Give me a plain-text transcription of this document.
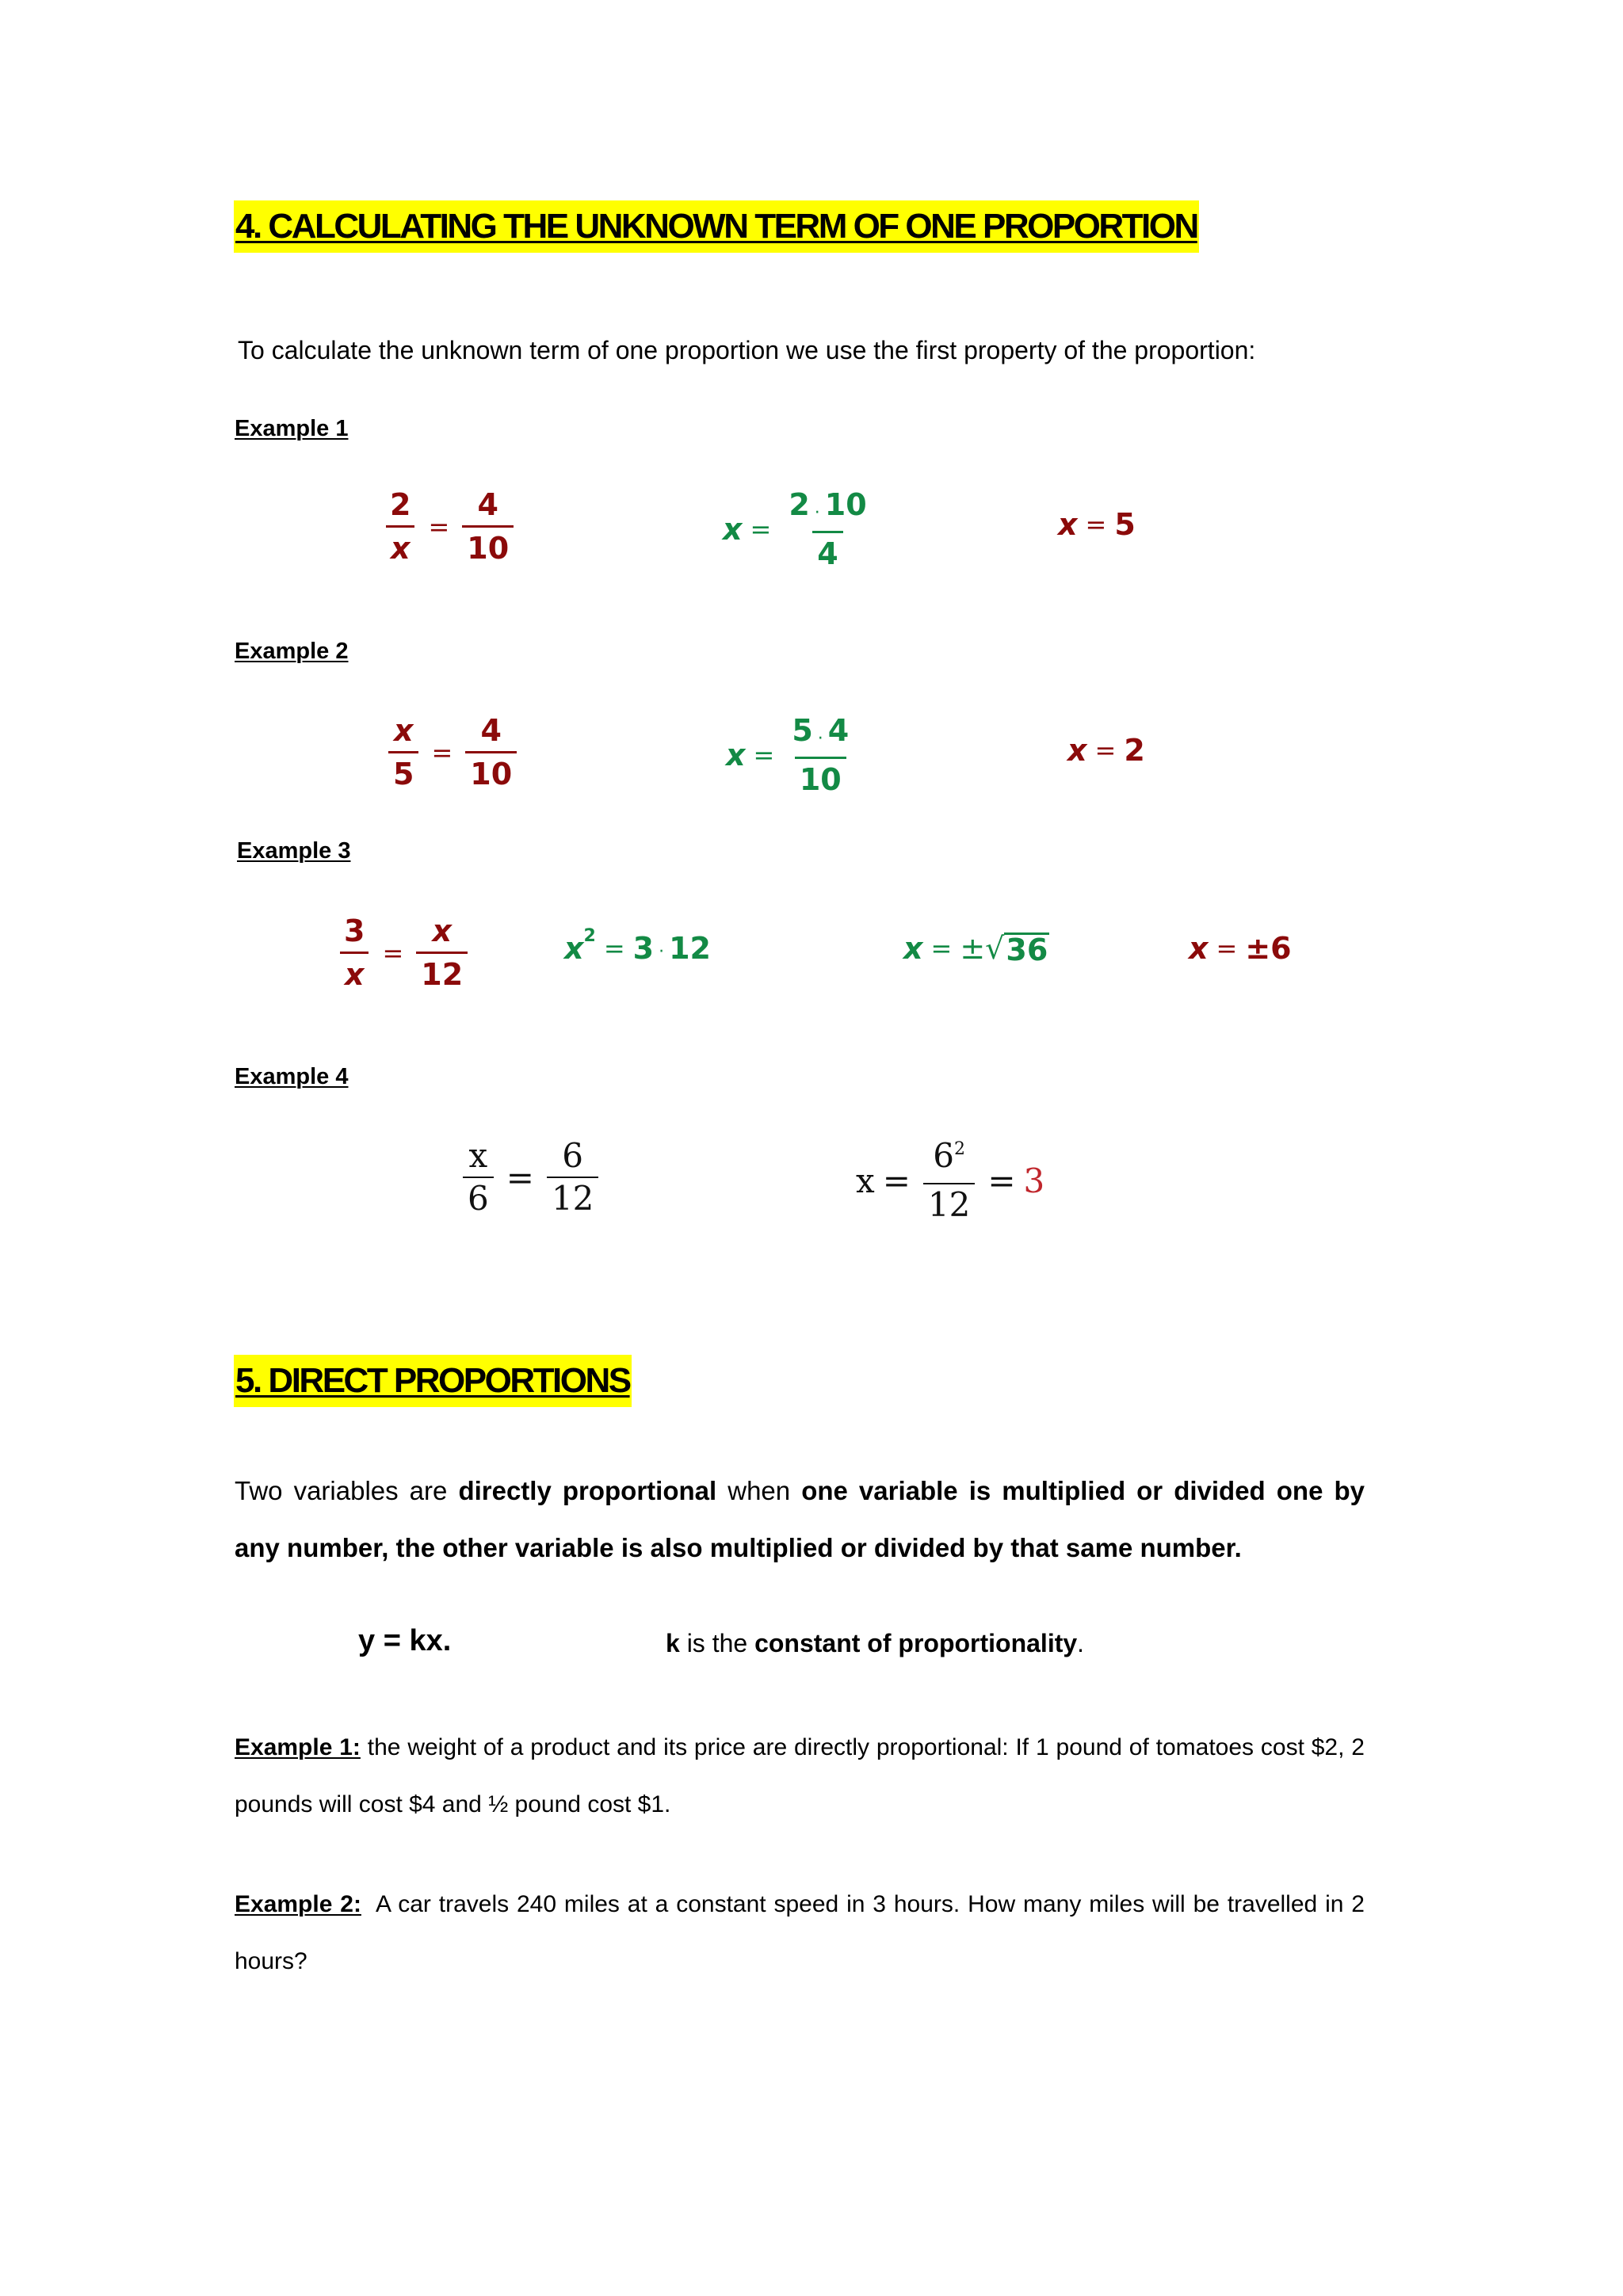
4. CALCULATING THE UNKNOWN TERM OF ONE PROPORTION
To calculate the unknown term of one proportion we use the first property of the proportion:
Example 1
$\frac{2}{x} = \frac{4}{10}$	$x = \frac{2 \cdot 10}{4}$	x = 5
Example 2
$\frac{x}{5} = \frac{4}{10}$	$x = \frac{5 \cdot 4}{10}$	x = 2
Example 3
$\frac{3}{x} = \frac{x}{12}$	x 2 = 3 · 12	x = ± √ 36	x = ±6
Example 4
$\frac{x}{6} = \frac{6}{12}$	$x = \frac{6^2}{12} = 3$
5. DIRECT PROPORTIONS
Two variables are directly proportional when one variable is multiplied or divided one by any number, the other variable is also multiplied or divided by that same number.
y = kx.	k is the constant of proportionality.
Example 1: the weight of a product and its price are directly proportional: If 1 pound of tomatoes cost $2, 2 pounds will cost $4 and ½ pound cost $1.
Example 2:  A car travels 240 miles at a constant speed in 3 hours. How many miles will be travelled in 2 hours?
